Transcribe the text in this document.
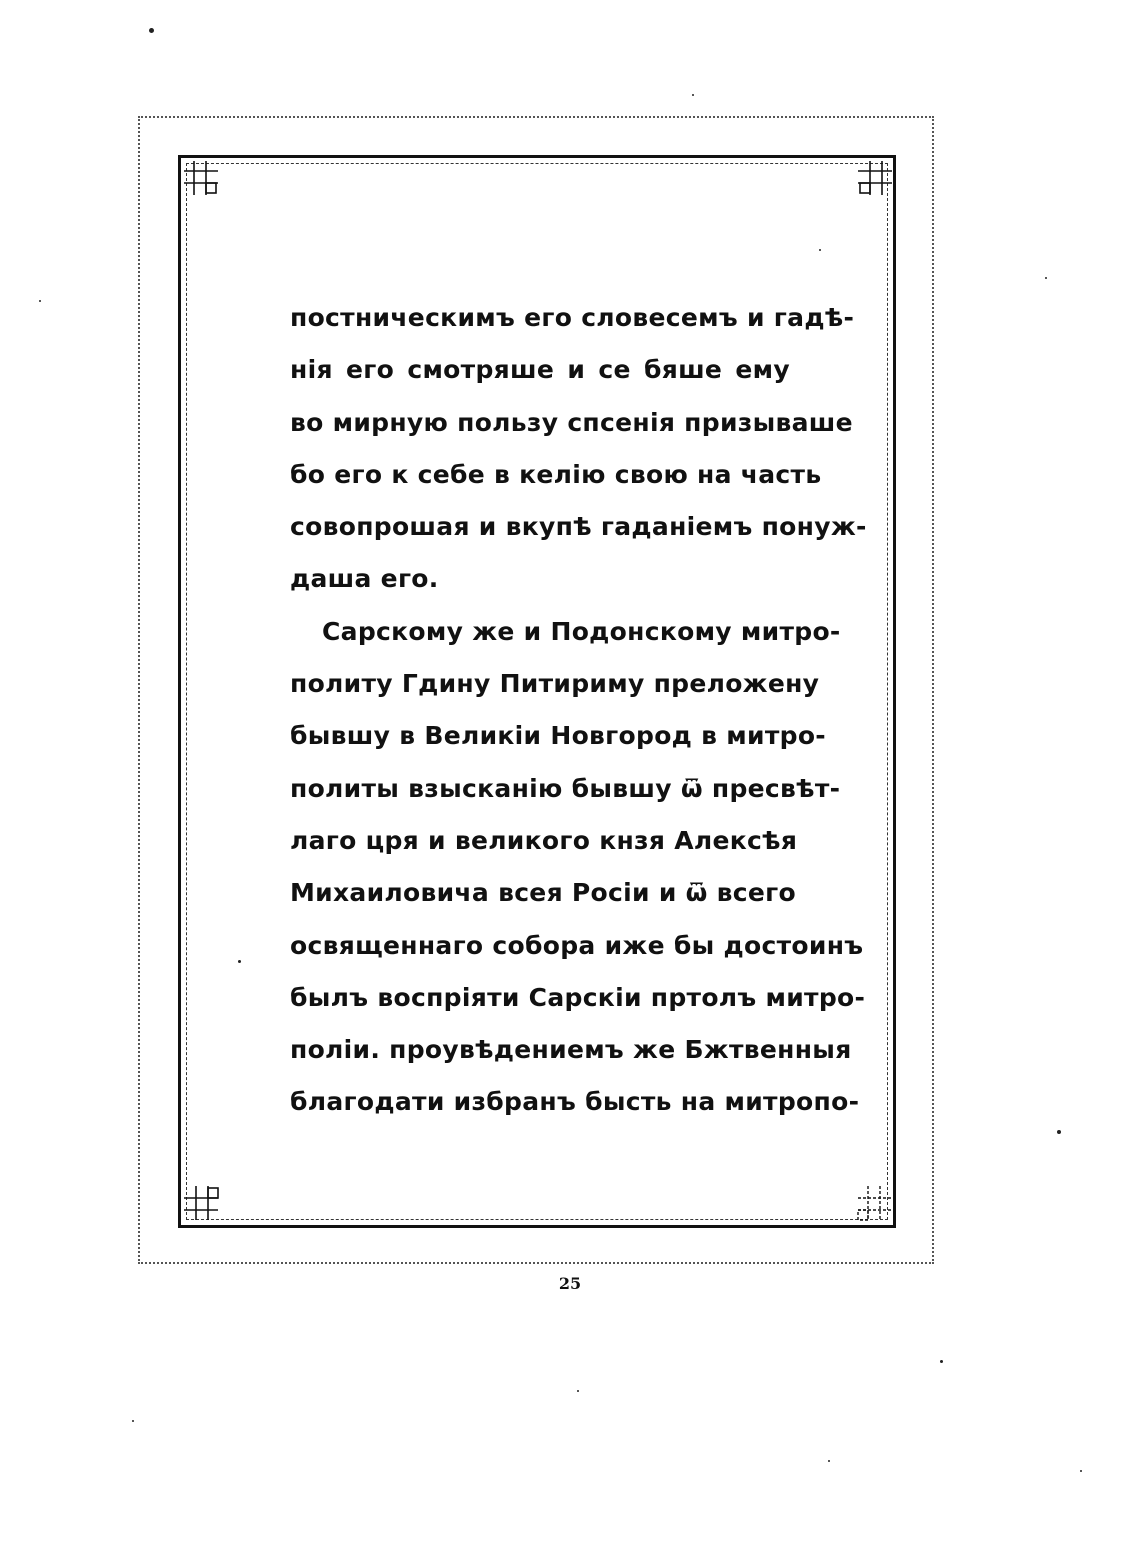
постническимъ его словесемъ и гадѣ-
нія его смотряше и се бяше ему
во мирную пользу спсенія призываше
бо его к себе в келію свою на часть
совопрошая и вкупѣ гаданіемъ понуж-
даша его.
Сарскому же и Подонскому митро-
политу Гдину Питириму преложену
бывшу в Великіи Новгород в митро-
политы взысканію бывшу ѿ пресвѣт-
лаго цря и великого кнзя Алексѣя
Михаиловича всея Росіи и ѿ всего
освященнаго собора иже бы достоинъ
былъ воспріяти Сарскіи пртолъ митро-
поліи. проувѣдениемъ же Бжтвенныя
благодати избранъ бысть на митропо-
25
